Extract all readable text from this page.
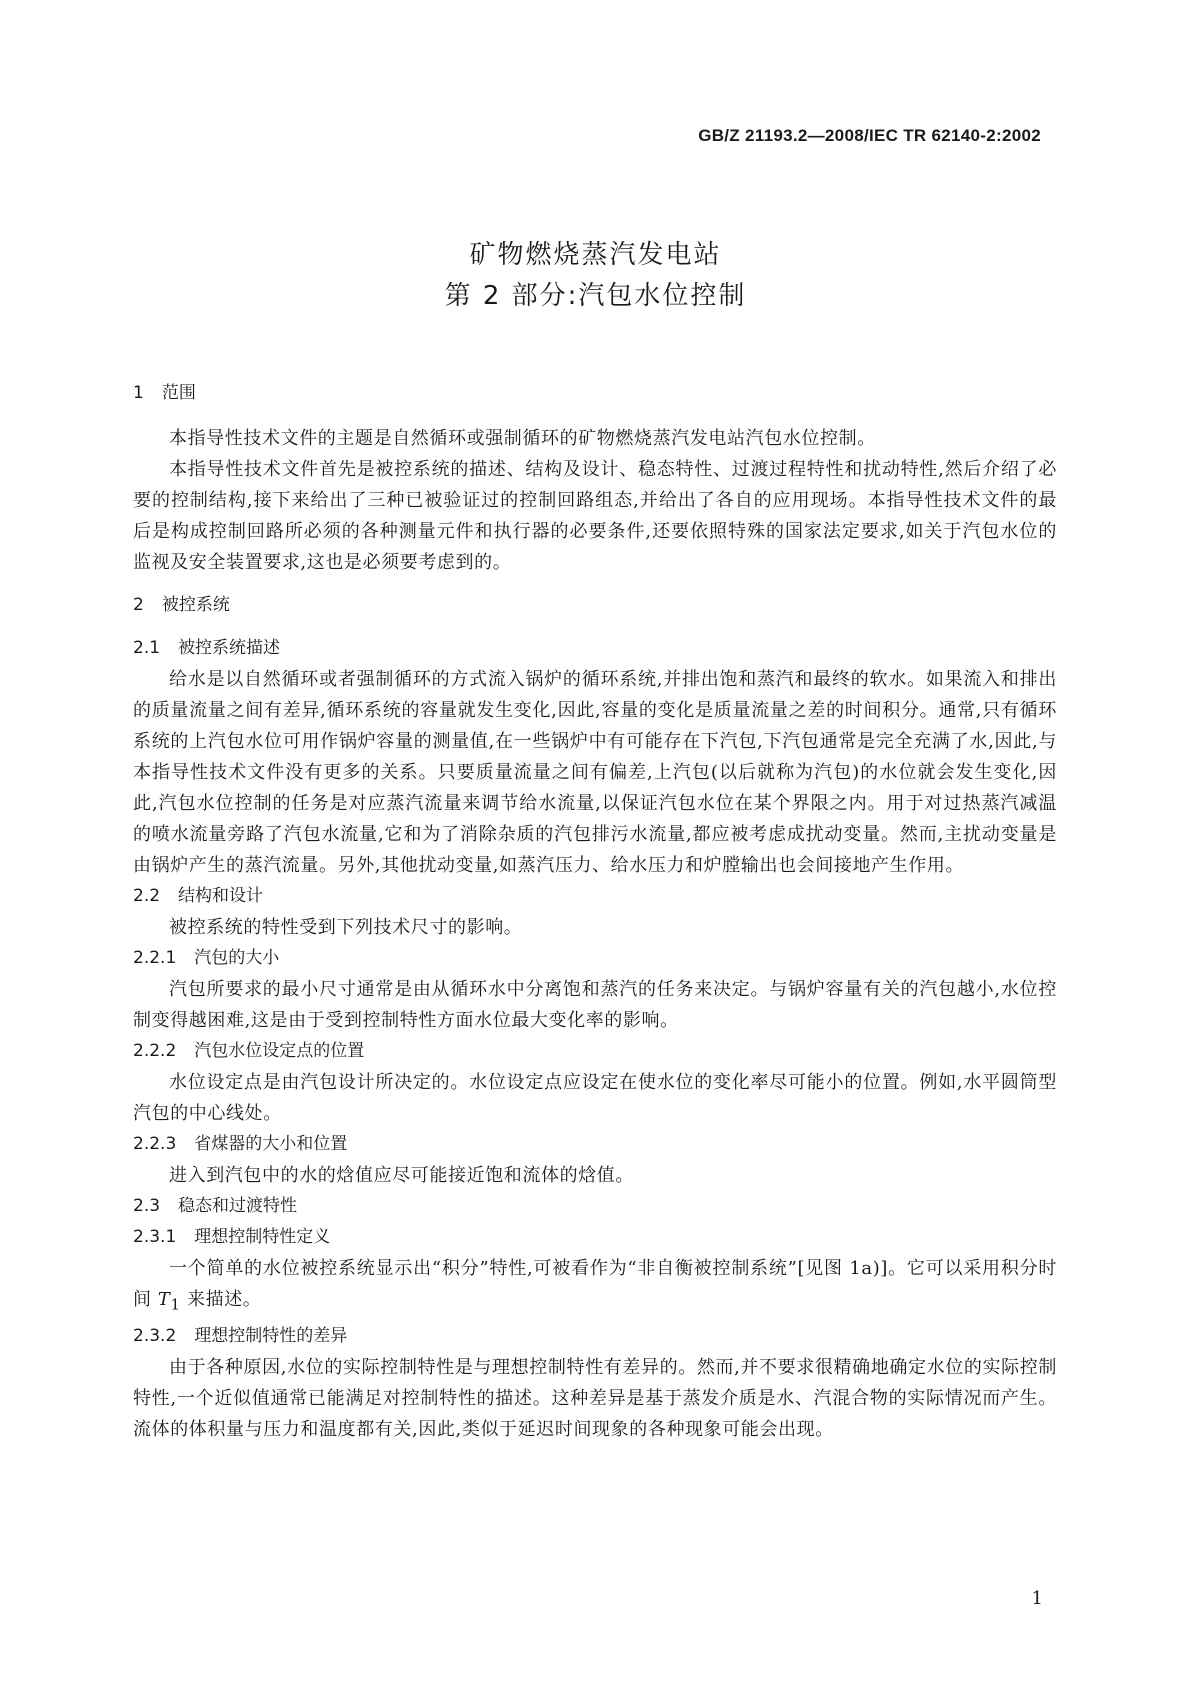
GB/Z 21193.2—2008/IEC TR 62140-2:2002
矿物燃烧蒸汽发电站
第 2 部分:汽包水位控制
1 范围

本指导性技术文件的主题是自然循环或强制循环的矿物燃烧蒸汽发电站汽包水位控制。

本指导性技术文件首先是被控系统的描述、结构及设计、稳态特性、过渡过程特性和扰动特性,然后介绍了必要的控制结构,接下来给出了三种已被验证过的控制回路组态,并给出了各自的应用现场。本指导性技术文件的最后是构成控制回路所必须的各种测量元件和执行器的必要条件,还要依照特殊的国家法定要求,如关于汽包水位的监视及安全装置要求,这也是必须要考虑到的。

2 被控系统
2.1 被控系统描述

给水是以自然循环或者强制循环的方式流入锅炉的循环系统,并排出饱和蒸汽和最终的软水。如果流入和排出的质量流量之间有差异,循环系统的容量就发生变化,因此,容量的变化是质量流量之差的时间积分。通常,只有循环系统的上汽包水位可用作锅炉容量的测量值,在一些锅炉中有可能存在下汽包,下汽包通常是完全充满了水,因此,与本指导性技术文件没有更多的关系。只要质量流量之间有偏差,上汽包(以后就称为汽包)的水位就会发生变化,因此,汽包水位控制的任务是对应蒸汽流量来调节给水流量,以保证汽包水位在某个界限之内。用于对过热蒸汽减温的喷水流量旁路了汽包水流量,它和为了消除杂质的汽包排污水流量,都应被考虑成扰动变量。然而,主扰动变量是由锅炉产生的蒸汽流量。另外,其他扰动变量,如蒸汽压力、给水压力和炉膛输出也会间接地产生作用。

2.2 结构和设计

被控系统的特性受到下列技术尺寸的影响。

2.2.1 汽包的大小

汽包所要求的最小尺寸通常是由从循环水中分离饱和蒸汽的任务来决定。与锅炉容量有关的汽包越小,水位控制变得越困难,这是由于受到控制特性方面水位最大变化率的影响。

2.2.2 汽包水位设定点的位置

水位设定点是由汽包设计所决定的。水位设定点应设定在使水位的变化率尽可能小的位置。例如,水平圆筒型汽包的中心线处。

2.2.3 省煤器的大小和位置

进入到汽包中的水的焓值应尽可能接近饱和流体的焓值。

2.3 稳态和过渡特性
2.3.1 理想控制特性定义

一个简单的水位被控系统显示出“积分”特性,可被看作为“非自衡被控制系统”[见图 1a)]。它可以采用积分时间 $T_1$ 来描述。

2.3.2 理想控制特性的差异

由于各种原因,水位的实际控制特性是与理想控制特性有差异的。然而,并不要求很精确地确定水位的实际控制特性,一个近似值通常已能满足对控制特性的描述。这种差异是基于蒸发介质是水、汽混合物的实际情况而产生。流体的体积量与压力和温度都有关,因此,类似于延迟时间现象的各种现象可能会出现。

1
